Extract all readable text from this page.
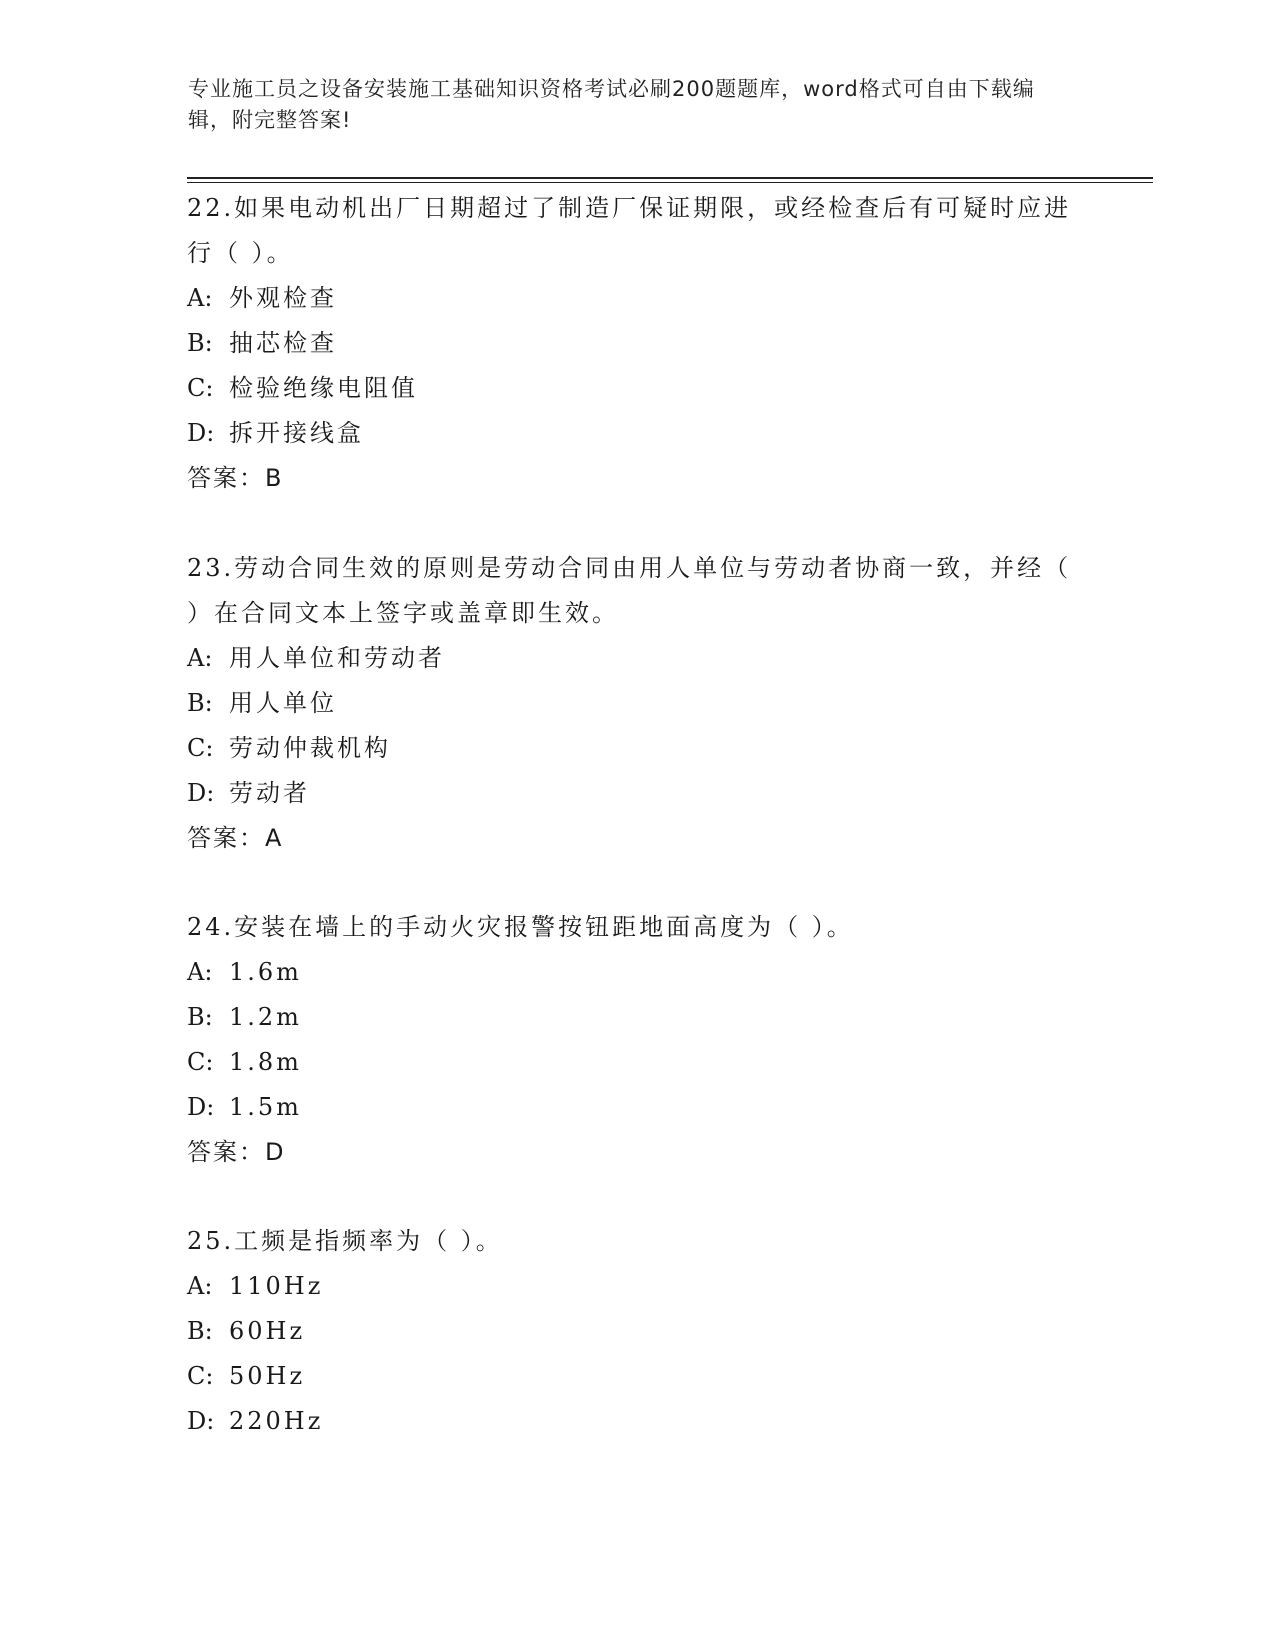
专业施工员之设备安装施工基础知识资格考试必刷200题题库，word格式可自由下载编辑，附完整答案!

22.如果电动机出厂日期超过了制造厂保证期限，或经检查后有可疑时应进行（ ）。

A: 外观检查

B: 抽芯检查

C: 检验绝缘电阻值

D: 拆开接线盒

答案：B

23.劳动合同生效的原则是劳动合同由用人单位与劳动者协商一致，并经（ ）在合同文本上签字或盖章即生效。

A: 用人单位和劳动者

B: 用人单位

C: 劳动仲裁机构

D: 劳动者

答案：A

24.安装在墙上的手动火灾报警按钮距地面高度为（ ）。

A: 1.6m

B: 1.2m

C: 1.8m

D: 1.5m

答案：D

25.工频是指频率为（ ）。

A: 110Hz

B: 60Hz

C: 50Hz

D: 220Hz
